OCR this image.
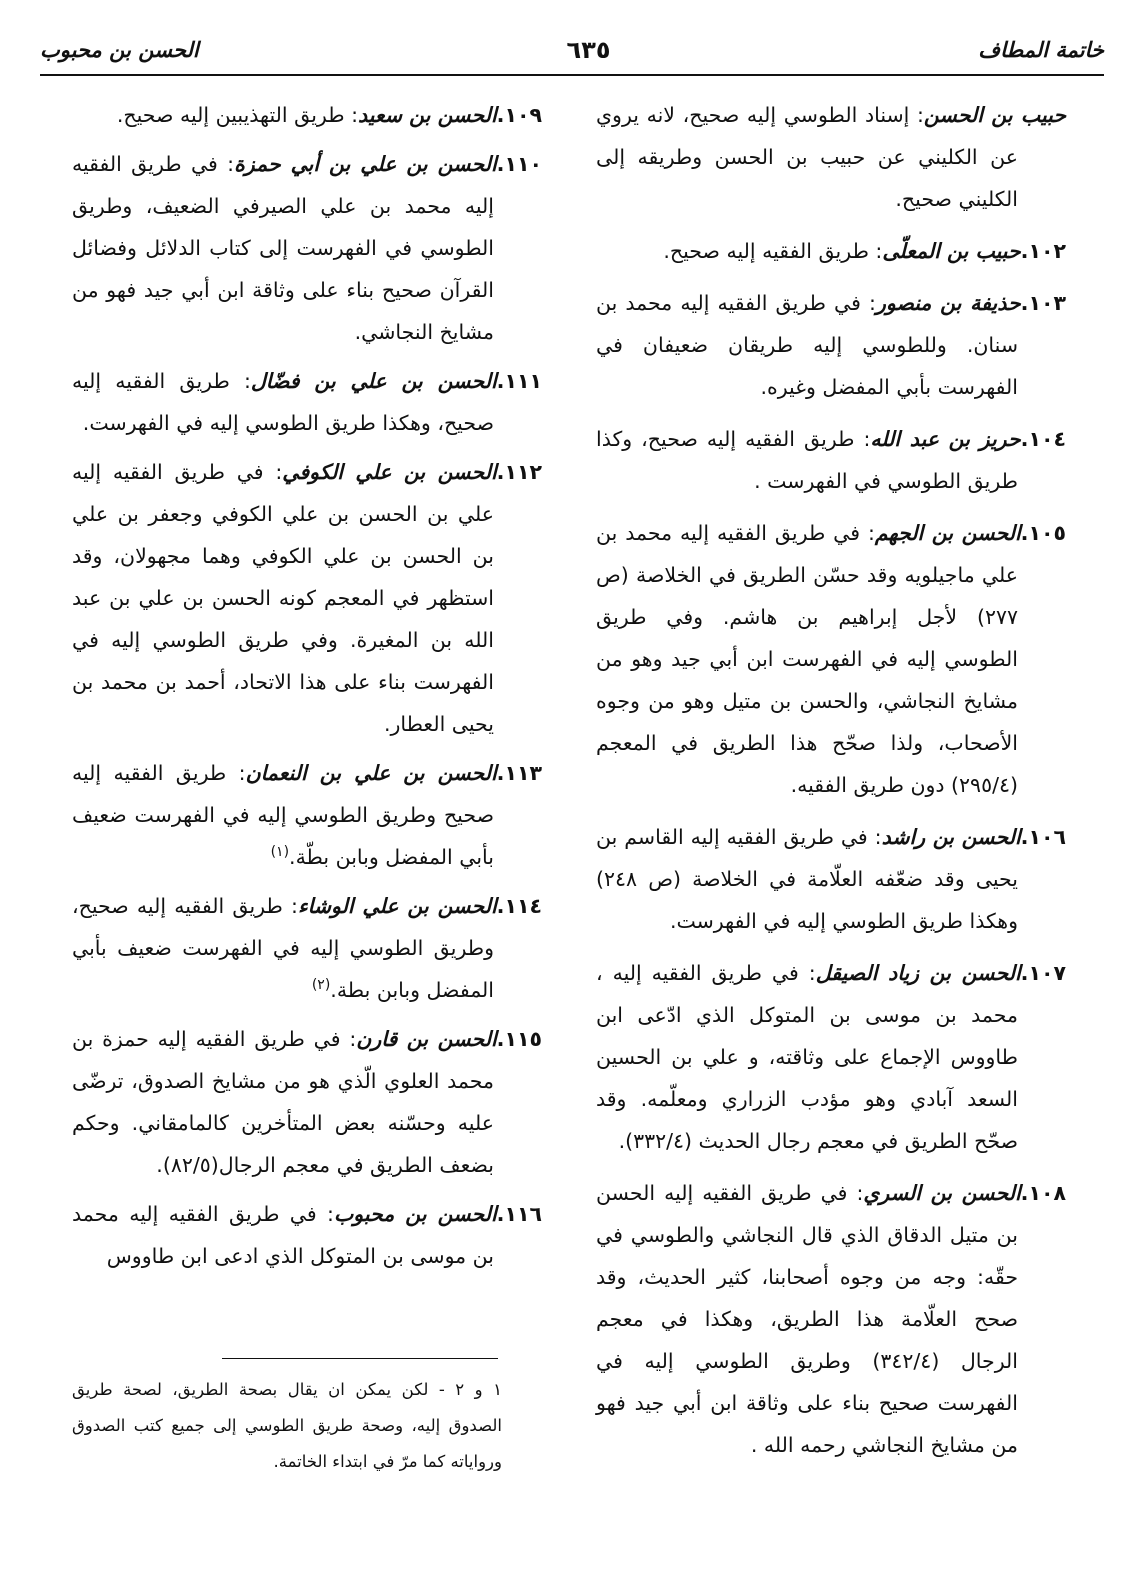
خاتمة المطاف
٦٣٥
الحسن بن محبوب

حبيب بن الحسن: إسناد الطوسي إليه صحيح، لانه يروي عن الكليني عن حبيب بن الحسن وطريقه إلى الكليني صحيح.

١٠٢.حبيب بن المعلّى: طريق الفقيه إليه صحيح.

١٠٣.حذيفة بن منصور: في طريق الفقيه إليه محمد بن سنان. وللطوسي إليه طريقان ضعيفان في الفهرست بأبي المفضل وغيره.

١٠٤.حريز بن عبد الله: طريق الفقيه إليه صحيح، وكذا طريق الطوسي في الفهرست .

١٠٥.الحسن بن الجهم: في طريق الفقيه إليه محمد بن علي ماجيلويه وقد حسّن الطريق في الخلاصة (ص ٢٧٧) لأجل إبراهيم بن هاشم. وفي طريق الطوسي إليه في الفهرست ابن أبي جيد وهو من مشايخ النجاشي، والحسن بن متيل وهو من وجوه الأصحاب، ولذا صحّح هذا الطريق في المعجم (٢٩٥/٤) دون طريق الفقيه.

١٠٦.الحسن بن راشد: في طريق الفقيه إليه القاسم بن يحيى وقد ضعّفه العلّامة في الخلاصة (ص ٢٤٨) وهكذا طريق الطوسي إليه في الفهرست.

١٠٧.الحسن بن زياد الصيقل: في طريق الفقيه إليه ، محمد بن موسى بن المتوكل الذي ادّعى ابن طاووس الإجماع على وثاقته، و علي بن الحسين السعد آبادي وهو مؤدب الزراري ومعلّمه. وقد صحّح الطريق في معجم رجال الحديث (٣٣٢/٤).

١٠٨.الحسن بن السري: في طريق الفقيه إليه الحسن بن متيل الدقاق الذي قال النجاشي والطوسي في حقّه: وجه من وجوه أصحابنا، كثير الحديث، وقد صحح العلّامة هذا الطريق، وهكذا في معجم الرجال (٣٤٢/٤) وطريق الطوسي إليه في الفهرست صحيح بناء على وثاقة ابن أبي جيد فهو من مشايخ النجاشي رحمه الله .

١٠٩.الحسن بن سعيد: طريق التهذيبين إليه صحيح.

١١٠.الحسن بن علي بن أبي حمزة: في طريق الفقيه إليه محمد بن علي الصيرفي الضعيف، وطريق الطوسي في الفهرست إلى كتاب الدلائل وفضائل القرآن صحيح بناء على وثاقة ابن أبي جيد فهو من مشايخ النجاشي.

١١١.الحسن بن علي بن فضّال: طريق الفقيه إليه صحيح، وهكذا طريق الطوسي إليه في الفهرست.

١١٢.الحسن بن علي الكوفي: في طريق الفقيه إليه علي بن الحسن بن علي الكوفي وجعفر بن علي بن الحسن بن علي الكوفي وهما مجهولان، وقد استظهر في المعجم كونه الحسن بن علي بن عبد الله بن المغيرة. وفي طريق الطوسي إليه في الفهرست بناء على هذا الاتحاد، أحمد بن محمد بن يحيى العطار.

١١٣.الحسن بن علي بن النعمان: طريق الفقيه إليه صحيح وطريق الطوسي إليه في الفهرست ضعيف بأبي المفضل وبابن بطّة.$^{(١)}$

١١٤.الحسن بن علي الوشاء: طريق الفقيه إليه صحيح، وطريق الطوسي إليه في الفهرست ضعيف بأبي المفضل وبابن بطة.$^{(٢)}$

١١٥.الحسن بن قارن: في طريق الفقيه إليه حمزة بن محمد العلوي الّذي هو من مشايخ الصدوق، ترضّى عليه وحسّنه بعض المتأخرين كالمامقاني. وحكم بضعف الطريق في معجم الرجال(٨٢/٥).

١١٦.الحسن بن محبوب: في طريق الفقيه إليه محمد بن موسى بن المتوكل الذي ادعى ابن طاووس

١ و ٢ - لكن يمكن ان يقال بصحة الطريق، لصحة طريق الصدوق إليه، وصحة طريق الطوسي إلى جميع كتب الصدوق ورواياته كما مرّ في ابتداء الخاتمة.
